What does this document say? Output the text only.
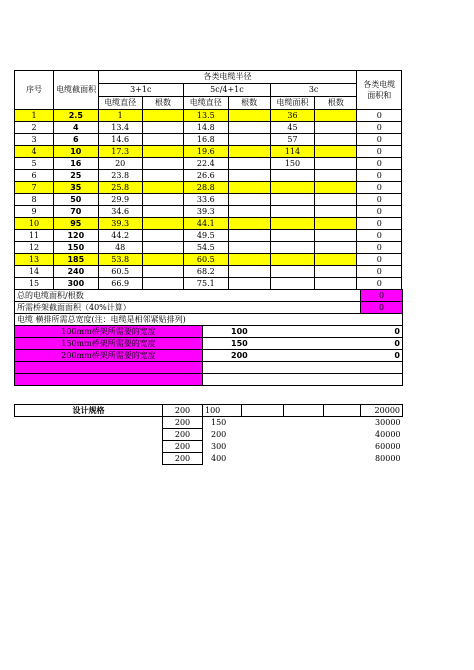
序号	电缆截面积	各类电缆半径						各类电缆面积和
		3+1c		5c/4+1c		3c		
		电缆直径	根数	电缆直径	根数	电缆面积	根数	
1	2.5	1		13.5		36		0
2	4	13.4		14.8		45		0
3	6	14.6		16.8		57		0
4	10	17.3		19.6		114		0
5	16	20		22.4		150		0
6	25	23.8		26.6				0
7	35	25.8		28.8				0
8	50	29.9		33.6				0
9	70	34.6		39.3				0
10	95	39.3		44.1				0
11	120	44.2		49.5				0
12	150	48		54.5				0
13	185	53.8		60.5				0
14	240	60.5		68.2				0
15	300	66.9		75.1				0
总的电缆面积/根数	0
所需桥架截面面积（40%计算）	0
电缆 横排所需总宽度(注：电缆是相邻紧贴排列)	
100mm桥架所需要的宽度	100 0

150mm桥架所需要的宽度	150 0

200mm桥架所需要的宽度	200 0

设计规格	200	100				20000
	200	150				30000
	200	200				40000
	200	300				60000
	200	400				80000
